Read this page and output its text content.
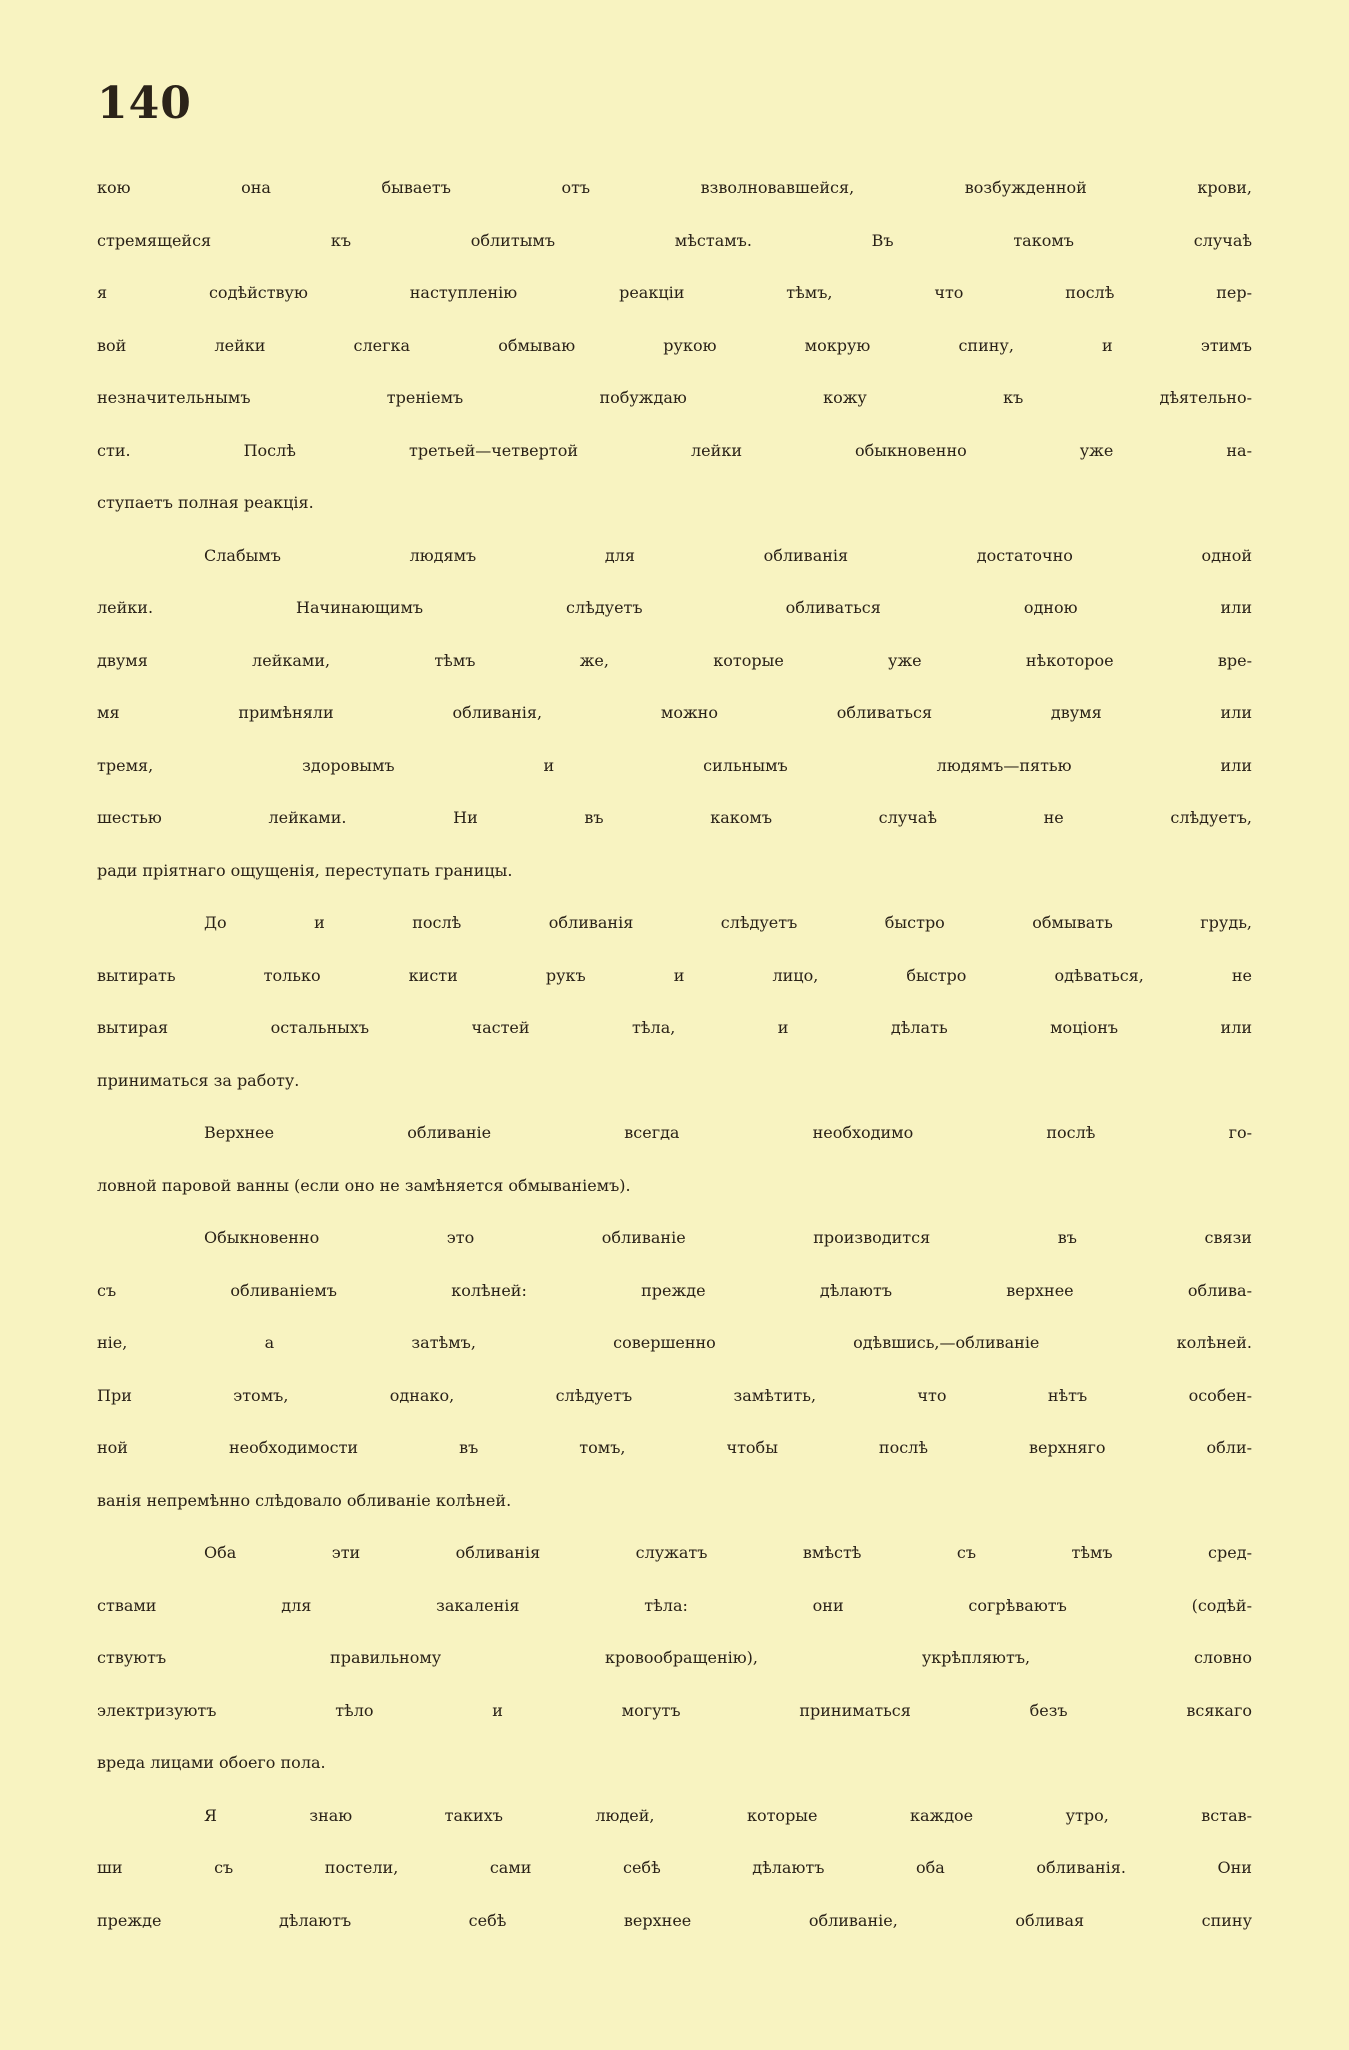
140
кою она бываетъ отъ взволновавшейся, возбужденной крови,
стремящейся къ облитымъ мѣстамъ. Въ такомъ случаѣ
я содѣйствую наступленію реакціи тѣмъ, что послѣ пер-
вой лейки слегка обмываю рукою мокрую спину, и этимъ
незначительнымъ треніемъ побуждаю кожу къ дѣятельно-
сти. Послѣ третьей—четвертой лейки обыкновенно уже на-
ступаетъ полная реакція.
Слабымъ людямъ для обливанія достаточно одной
лейки. Начинающимъ слѣдуетъ обливаться одною или
двумя лейками, тѣмъ же, которые уже нѣкоторое вре-
мя примѣняли обливанія, можно обливаться двумя или
тремя, здоровымъ и сильнымъ людямъ—пятью или
шестью лейками. Ни въ какомъ случаѣ не слѣдуетъ,
ради пріятнаго ощущенія, переступать границы.
До и послѣ обливанія слѣдуетъ быстро обмывать грудь,
вытирать только кисти рукъ и лицо, быстро одѣваться, не
вытирая остальныхъ частей тѣла, и дѣлать моціонъ или
приниматься за работу.
Верхнее обливаніе всегда необходимо послѣ го-
ловной паровой ванны (если оно не замѣняется обмываніемъ).
Обыкновенно это обливаніе производится въ связи
съ обливаніемъ колѣней: прежде дѣлаютъ верхнее облива-
ніе, а затѣмъ, совершенно одѣвшись,—обливаніе колѣней.
При этомъ, однако, слѣдуетъ замѣтить, что нѣтъ особен-
ной необходимости въ томъ, чтобы послѣ верхняго обли-
ванія непремѣнно слѣдовало обливаніе колѣней.
Оба эти обливанія служатъ вмѣстѣ съ тѣмъ сред-
ствами для закаленія тѣла: они согрѣваютъ (содѣй-
ствуютъ правильному кровообращенію), укрѣпляютъ, словно
электризуютъ тѣло и могутъ приниматься безъ всякаго
вреда лицами обоего пола.
Я знаю такихъ людей, которые каждое утро, встав-
ши съ постели, сами себѣ дѣлаютъ оба обливанія. Они
прежде дѣлаютъ себѣ верхнее обливаніе, обливая спину
